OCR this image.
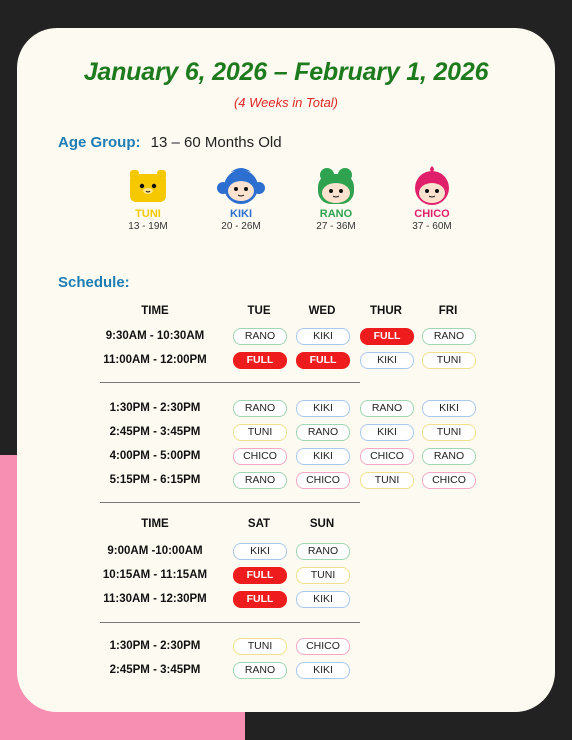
January 6, 2026 – February 1, 2026
(4 Weeks in Total)
Age Group: 13 – 60 Months Old
TUNI
13 - 19M
KIKI
20 - 26M
RANO
27 - 36M
CHICO
37 - 60M
Schedule:
TIME	TUE	WED	THUR	FRI
9:30AM - 10:30AM	RANO	KIKI	FULL	RANO
11:00AM - 12:00PM	FULL	FULL	KIKI	TUNI
1:30PM - 2:30PM	RANO	KIKI	RANO	KIKI
2:45PM - 3:45PM	TUNI	RANO	KIKI	TUNI
4:00PM - 5:00PM	CHICO	KIKI	CHICO	RANO
5:15PM - 6:15PM	RANO	CHICO	TUNI	CHICO
TIME	SAT	SUN
9:00AM -10:00AM	KIKI	RANO
10:15AM - 11:15AM	FULL	TUNI
11:30AM - 12:30PM	FULL	KIKI
1:30PM - 2:30PM	TUNI	CHICO
2:45PM - 3:45PM	RANO	KIKI
